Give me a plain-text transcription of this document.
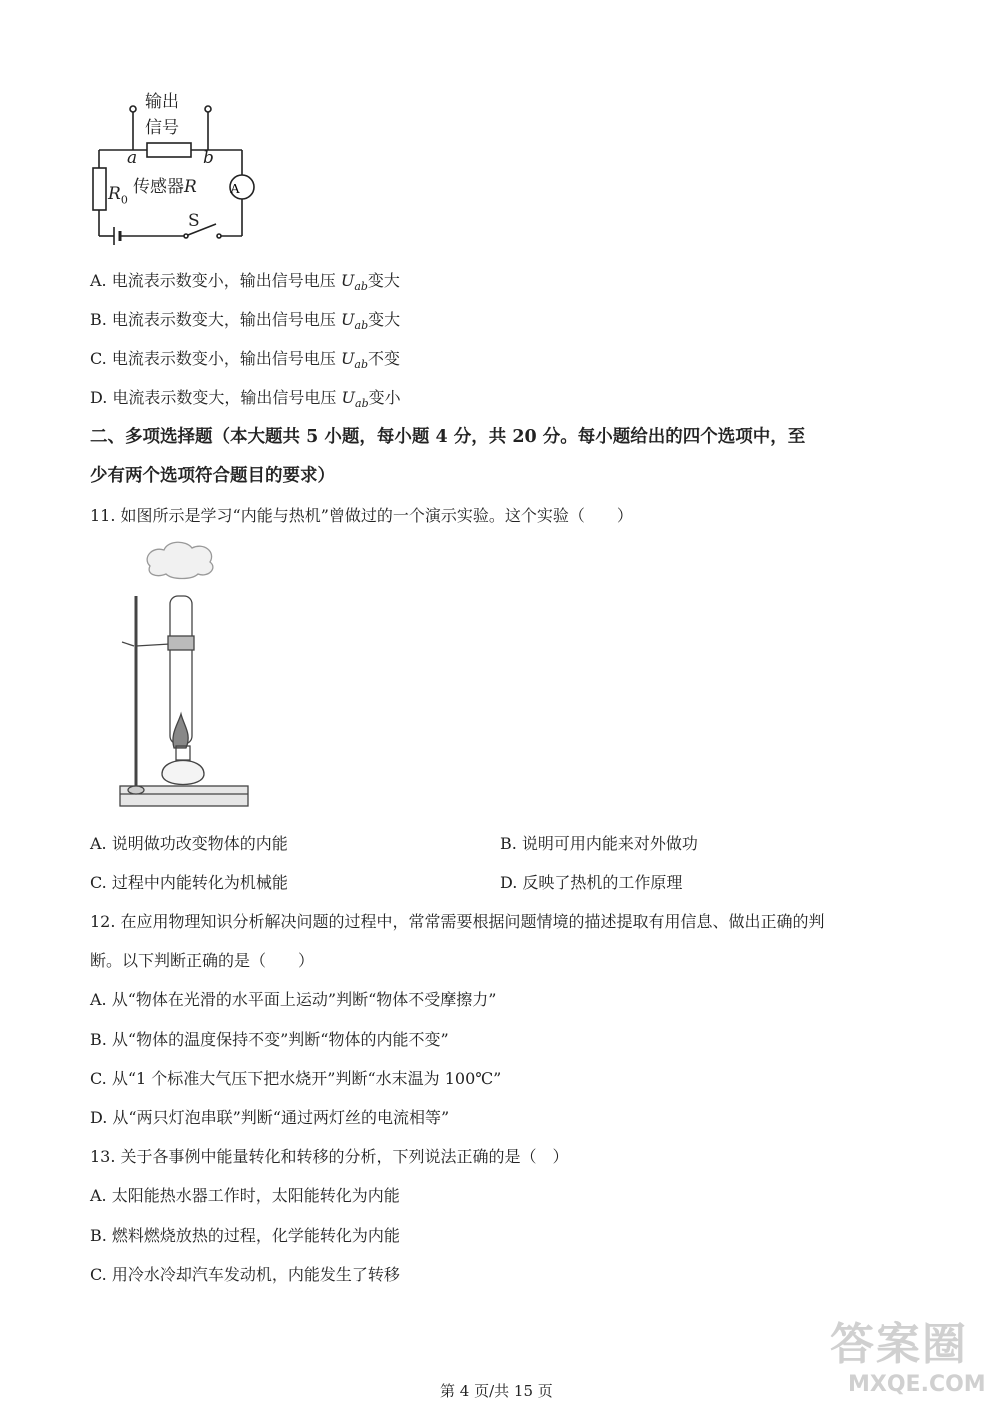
A
输出
信号
a	b
传感器R
$R_0$
S
A. 电流表示数变小，输出信号电压 $U_{ab}$变大
B. 电流表示数变大，输出信号电压 $U_{ab}$变大
C. 电流表示数变小，输出信号电压 $U_{ab}$不变
D. 电流表示数变大，输出信号电压 $U_{ab}$变小
二、多项选择题（本大题共 5 小题，每小题 4 分，共 20 分。每小题给出的四个选项中，至
少有两个选项符合题目的要求）
11. 如图所示是学习“内能与热机”曾做过的一个演示实验。这个实验（　　）
A. 说明做功改变物体的内能	B. 说明可用内能来对外做功
C. 过程中内能转化为机械能	D. 反映了热机的工作原理
12. 在应用物理知识分析解决问题的过程中，常常需要根据问题情境的描述提取有用信息、做出正确的判
断。以下判断正确的是（　　）
A. 从“物体在光滑的水平面上运动”判断“物体不受摩擦力”
B. 从“物体的温度保持不变”判断“物体的内能不变”
C. 从“1 个标准大气压下把水烧开”判断“水末温为 100℃”
D. 从“两只灯泡串联”判断“通过两灯丝的电流相等”
13. 关于各事例中能量转化和转移的分析，下列说法正确的是（　）
A. 太阳能热水器工作时，太阳能转化为内能
B. 燃料燃烧放热的过程，化学能转化为内能
C. 用冷水冷却汽车发动机，内能发生了转移
第 4 页/共 15 页
答案圈
MXQE.COM
